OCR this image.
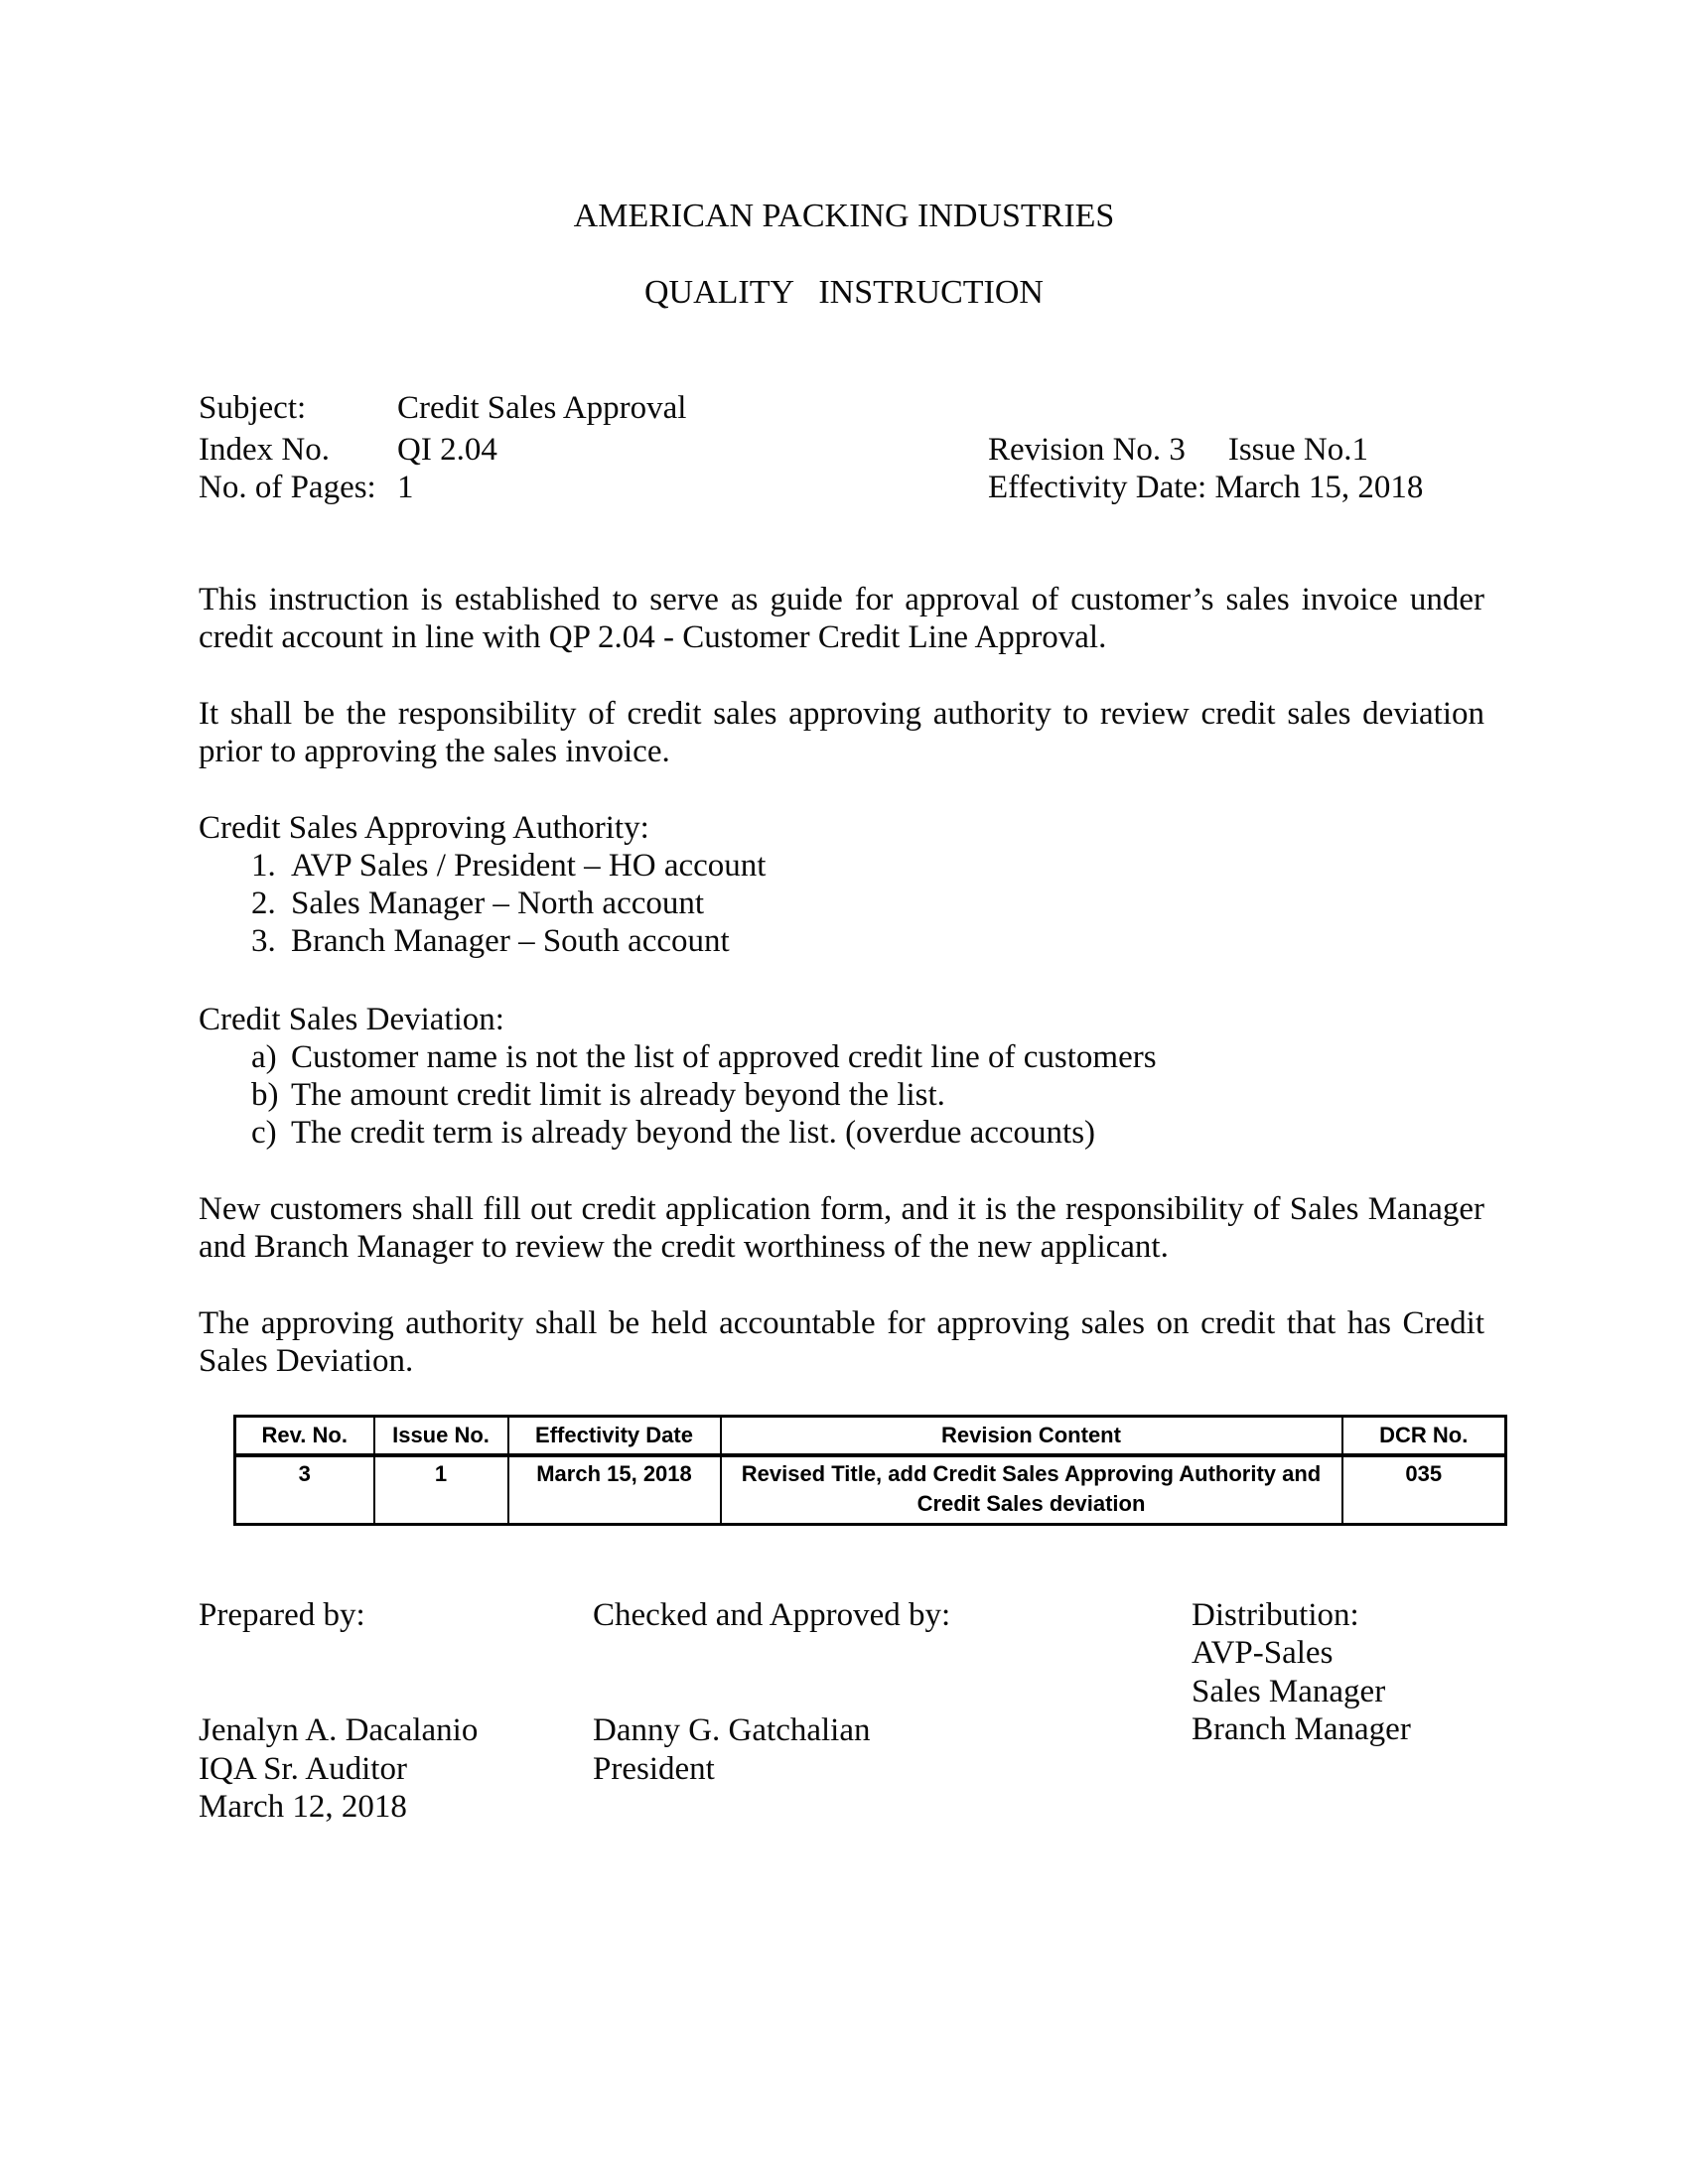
AMERICAN PACKING INDUSTRIES
QUALITY   INSTRUCTION
Subject:	Credit Sales Approval
Index No. QI 2.04
No. of Pages: 1
Revision No. 3 Issue No.1
Effectivity Date: March 15, 2018
This instruction is established to serve as guide for approval of customer’s sales invoice under credit account in line with QP 2.04 - Customer Credit Line Approval.
It shall be the responsibility of credit sales approving authority to review credit sales deviation prior to approving the sales invoice.
Credit Sales Approving Authority:
1. AVP Sales / President – HO account
2. Sales Manager – North account
3. Branch Manager – South account
Credit Sales Deviation:
a) Customer name is not the list of approved credit line of customers
b) The amount credit limit is already beyond the list.
c) The credit term is already beyond the list. (overdue accounts)
New customers shall fill out credit application form, and it is the responsibility of Sales Manager and Branch Manager to review the credit worthiness of the new applicant.
The approving authority shall be held accountable for approving sales on credit that has Credit Sales Deviation.
Rev. No.	Issue No.	Effectivity Date	Revision Content	DCR No.
3	1	March 15, 2018	Revised Title, add Credit Sales Approving Authority and Credit Sales deviation	035
Prepared by:	Checked and Approved by:	Distribution:
AVP-Sales
Sales Manager
Branch Manager
Jenalyn A. Dacalanio
IQA Sr. Auditor
March 12, 2018
Danny G. Gatchalian
President
